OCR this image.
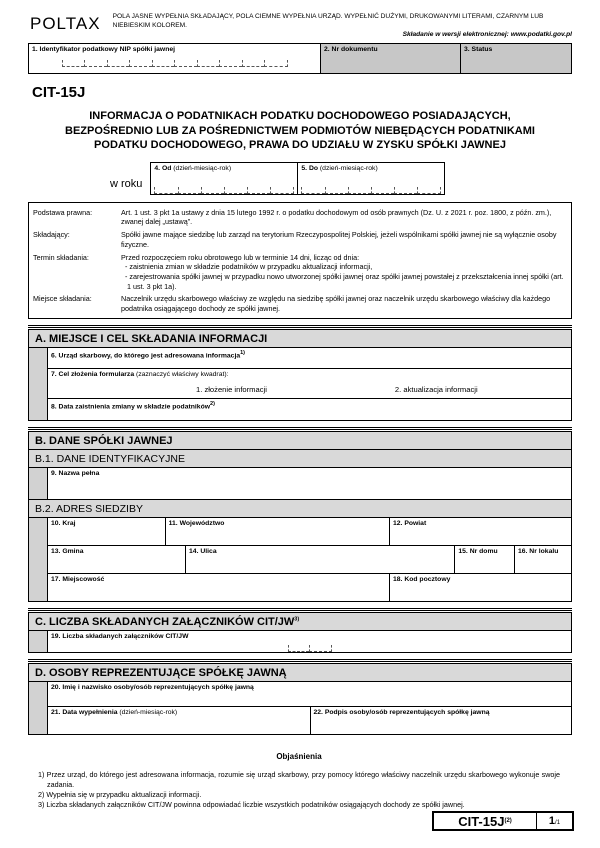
POLTAX POLA JASNE WYPEŁNIA SKŁADAJĄCY, POLA CIEMNE WYPEŁNIA URZĄD. WYPEŁNIĆ DUŻYMI, DRUKOWANYMI LITERAMI, CZARNYM LUB NIEBIESKIM KOLOREM.
Składanie w wersji elektronicznej: www.podatki.gov.pl
1. Identyfikator podatkowy NIP spółki jawnej	2. Nr dokumentu	3. Status
CIT-15J
INFORMACJA O PODATNIKACH PODATKU DOCHODOWEGO POSIADAJĄCYCH,
BEZPOŚREDNIO LUB ZA POŚREDNICTWEM PODMIOTÓW NIEBĘDĄCYCH PODATNIKAMI
PODATKU DOCHODOWEGO, PRAWA DO UDZIAŁU W ZYSKU SPÓŁKI JAWNEJ
w roku
4. Od (dzień-miesiąc-rok)	5. Do (dzień-miesiąc-rok)
Podstawa prawna:	Art. 1 ust. 3 pkt 1a ustawy z dnia 15 lutego 1992 r. o podatku dochodowym od osób prawnych (Dz. U. z 2021 r. poz. 1800, z późn. zm.), zwanej dalej „ustawą”.
Składający:	Spółki jawne mające siedzibę lub zarząd na terytorium Rzeczypospolitej Polskiej, jeżeli wspólnikami spółki jawnej nie są wyłącznie osoby fizyczne.
Termin składania:	Przed rozpoczęciem roku obrotowego lub w terminie 14 dni, licząc od dnia:
- zaistnienia zmian w składzie podatników w przypadku aktualizacji informacji,
- zarejestrowania spółki jawnej w przypadku nowo utworzonej spółki jawnej oraz spółki jawnej powstałej z przekształcenia innej spółki (art. 1 ust. 3 pkt 1a).
Miejsce składania:	Naczelnik urzędu skarbowego właściwy ze względu na siedzibę spółki jawnej oraz naczelnik urzędu skarbowego właściwy dla każdego podatnika osiągającego dochody ze spółki jawnej.
A. MIEJSCE I CEL SKŁADANIA INFORMACJI
6. Urząd skarbowy, do którego jest adresowana informacja$^{1)}$
7. Cel złożenia formularza (zaznaczyć właściwy kwadrat):
1. złożenie informacji	2. aktualizacja informacji
8. Data zaistnienia zmiany w składzie podatników$^{2)}$
B. DANE SPÓŁKI JAWNEJ
B.1. DANE IDENTYFIKACYJNE
9. Nazwa pełna
B.2. ADRES SIEDZIBY
10. Kraj	11. Województwo	12. Powiat
13. Gmina	14. Ulica	15. Nr domu	16. Nr lokalu
17. Miejscowość	18. Kod pocztowy
C. LICZBA SKŁADANYCH ZAŁĄCZNIKÓW CIT/JW$^{3)}$
19. Liczba składanych załączników CIT/JW
D. OSOBY REPREZENTUJĄCE SPÓŁKĘ JAWNĄ
20. Imię i nazwisko osoby/osób reprezentujących spółkę jawną
21. Data wypełnienia (dzień-miesiąc-rok)	22. Podpis osoby/osób reprezentujących spółkę jawną
Objaśnienia
1) Przez urząd, do którego jest adresowana informacja, rozumie się urząd skarbowy, przy pomocy którego właściwy naczelnik urzędu skarbowego wykonuje swoje zadania.
2) Wypełnia się w przypadku aktualizacji informacji.
3) Liczba składanych załączników CIT/JW powinna odpowiadać liczbie wszystkich podatników osiągających dochody ze spółki jawnej.
CIT-15J (2)	1 /1
